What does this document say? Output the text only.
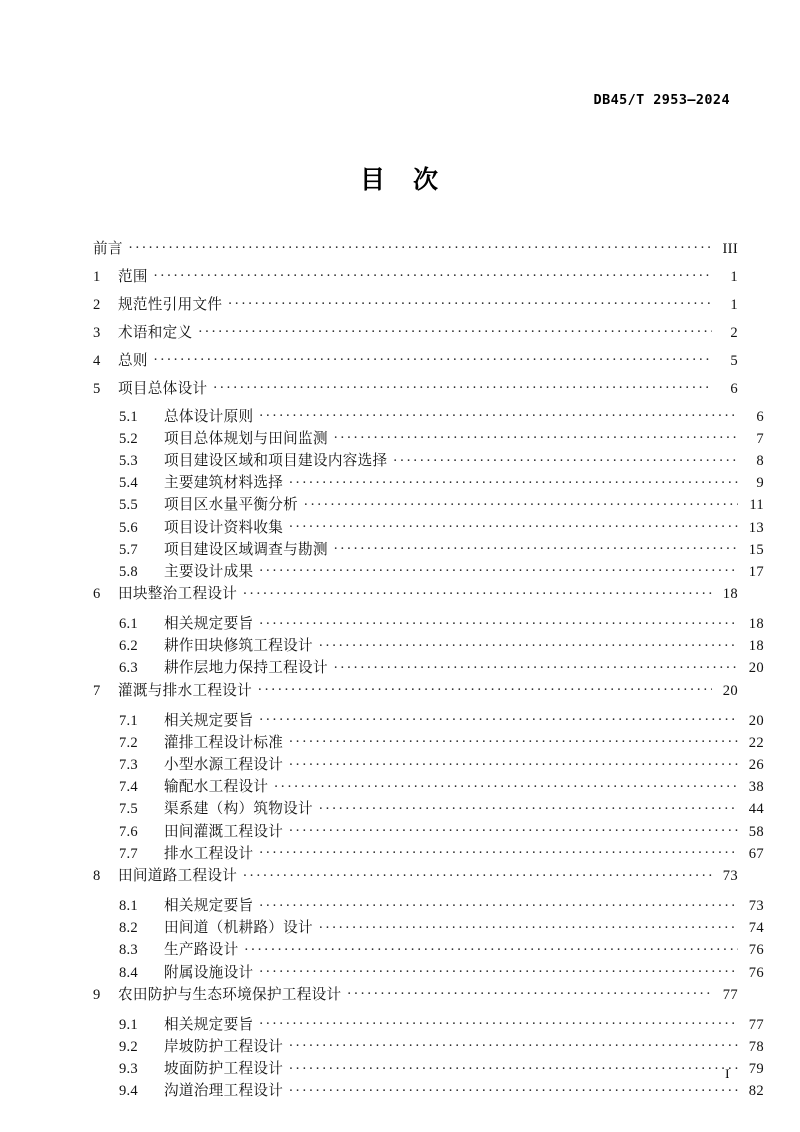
DB45/T 2953—2024
目 次
前言 .....	III
1	范围 .....	1
2	规范性引用文件 .....	1
3	术语和定义 .....	2
4	总则 .....	5
5	项目总体设计 .....	6
5.1	总体设计原则 .....	6
5.2	项目总体规划与田间监测 .....	7
5.3	项目建设区域和项目建设内容选择 .....	8
5.4	主要建筑材料选择 .....	9
5.5	项目区水量平衡分析 .....	11
5.6	项目设计资料收集 .....	13
5.7	项目建设区域调查与勘测 .....	15
5.8	主要设计成果 .....	17
6	田块整治工程设计 .....	18
6.1	相关规定要旨 .....	18
6.2	耕作田块修筑工程设计 .....	18
6.3	耕作层地力保持工程设计 .....	20
7	灌溉与排水工程设计 .....	20
7.1	相关规定要旨 .....	20
7.2	灌排工程设计标准 .....	22
7.3	小型水源工程设计 .....	26
7.4	输配水工程设计 .....	38
7.5	渠系建（构）筑物设计 .....	44
7.6	田间灌溉工程设计 .....	58
7.7	排水工程设计 .....	67
8	田间道路工程设计 .....	73
8.1	相关规定要旨 .....	73
8.2	田间道（机耕路）设计 .....	74
8.3	生产路设计 .....	76
8.4	附属设施设计 .....	76
9	农田防护与生态环境保护工程设计 .....	77
9.1	相关规定要旨 .....	77
9.2	岸坡防护工程设计 .....	78
9.3	坡面防护工程设计 .....	79
9.4	沟道治理工程设计 .....	82
I
